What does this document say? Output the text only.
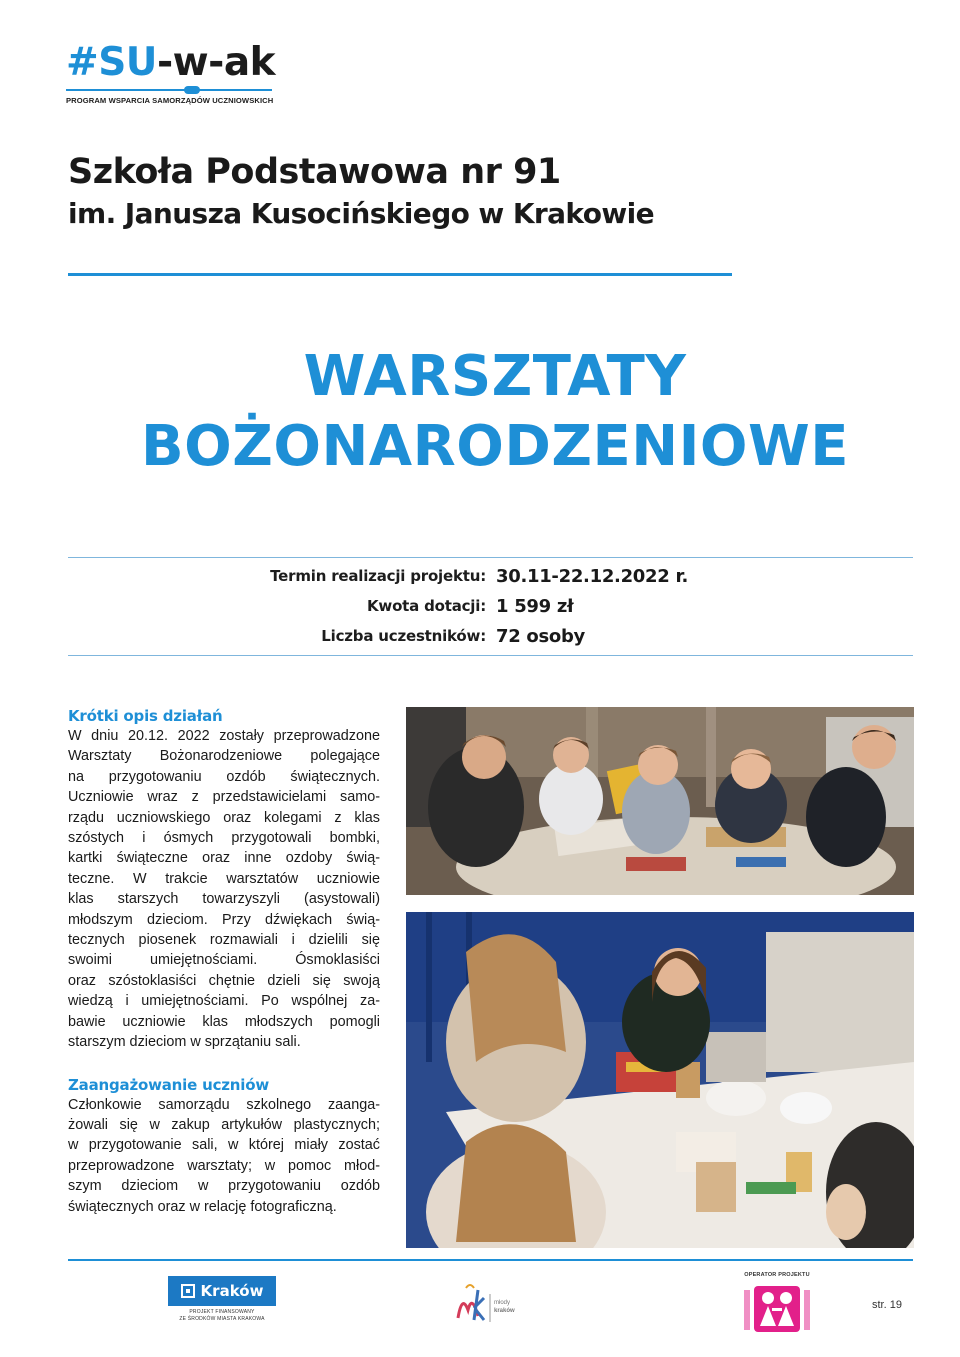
#SU-w-ak
PROGRAM WSPARCIA SAMORZĄDÓW UCZNIOWSKICH
Szkoła Podstawowa nr 91
im. Janusza Kusocińskiego w Krakowie
WARSZTATY
BOŻONARODZENIOWE
Termin realizacji projektu: 30.11-22.12.2022 r.
Kwota dotacji: 1 599 zł
Liczba uczestników: 72 osoby
Krótki opis działań
W dniu 20.12. 2022 zostały przeprowadzone
Warsztaty Bożonarodzeniowe polegające
na przygotowaniu ozdób świątecznych.
Uczniowie wraz z przedstawicielami samo-
rządu uczniowskiego oraz kolegami z klas
szóstych i ósmych przygotowali bombki,
kartki świąteczne oraz inne ozdoby świą-
teczne. W trakcie warsztatów uczniowie
klas starszych towarzyszyli (asystowali)
młodszym dzieciom. Przy dźwiękach świą-
tecznych piosenek rozmawiali i dzielili się
swoimi umiejętnościami. Ósmoklasiści
oraz szóstoklasiści chętnie dzieli się swoją
wiedzą i umiejętnościami. Po wspólnej za-
bawie uczniowie klas młodszych pomogli
starszym dzieciom w sprzątaniu sali.
Zaangażowanie uczniów
Członkowie samorządu szkolnego zaanga-
żowali się w zakup artykułów plastycznych;
w przygotowanie sali, w której miały zostać
przeprowadzone warsztaty; w pomoc młod-
szym dzieciom w przygotowaniu ozdób
świątecznych oraz w relację fotograficzną.
Kraków
PROJEKT FINANSOWANY
ZE ŚRODKÓW MIASTA KRAKOWA
młody
kraków
OPERATOR PROJEKTU
str. 19
